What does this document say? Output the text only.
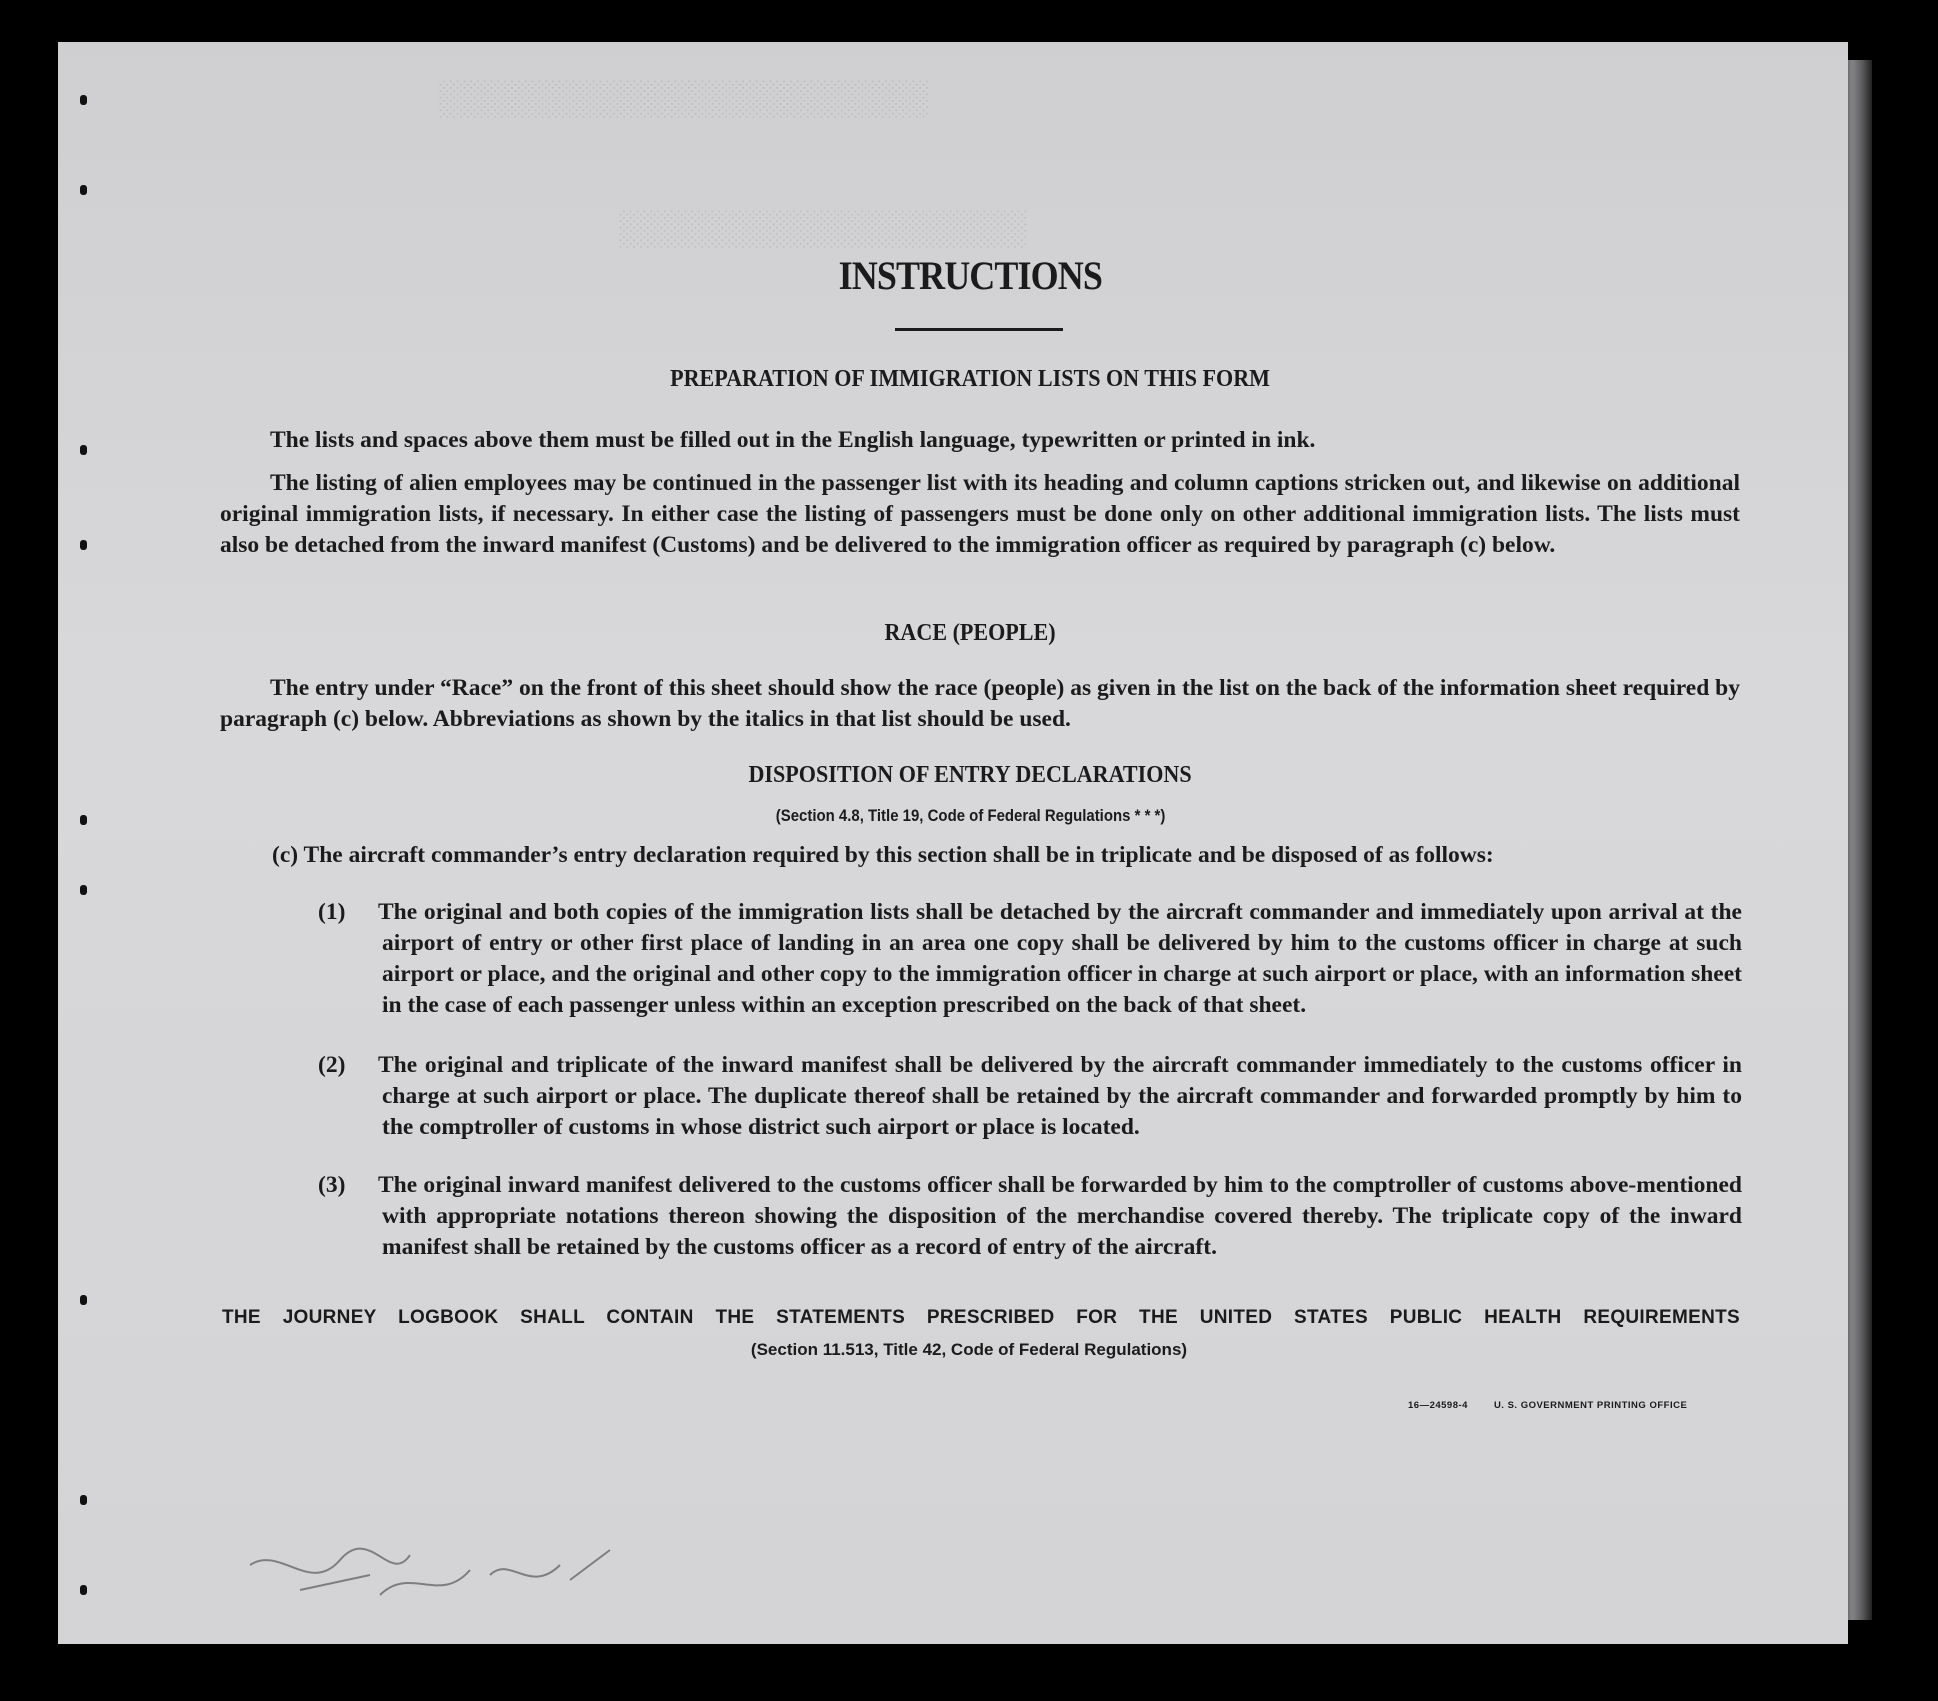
░░░░░░░░░░░░░░░░░░░░░░░░
░░░░░░░░░░░░░░░░░░░░
INSTRUCTIONS
PREPARATION OF IMMIGRATION LISTS ON THIS FORM
The lists and spaces above them must be filled out in the English language, typewritten or printed in ink.
The listing of alien employees may be continued in the passenger list with its heading and column captions stricken out, and likewise on additional original immigration lists, if necessary. In either case the listing of passengers must be done only on other additional immigration lists. The lists must also be detached from the inward manifest (Customs) and be delivered to the immigration officer as required by paragraph (c) below.
RACE (PEOPLE)
The entry under “Race” on the front of this sheet should show the race (people) as given in the list on the back of the information sheet required by paragraph (c) below. Abbreviations as shown by the italics in that list should be used.
DISPOSITION OF ENTRY DECLARATIONS
(Section 4.8, Title 19, Code of Federal Regulations * * *)
(c) The aircraft commander’s entry declaration required by this section shall be in triplicate and be disposed of as follows:
(1) The original and both copies of the immigration lists shall be detached by the aircraft commander and immediately upon arrival at the airport of entry or other first place of landing in an area one copy shall be delivered by him to the customs officer in charge at such airport or place, and the original and other copy to the immigration officer in charge at such airport or place, with an information sheet in the case of each passenger unless within an exception prescribed on the back of that sheet.
(2) The original and triplicate of the inward manifest shall be delivered by the aircraft commander immediately to the customs officer in charge at such airport or place. The duplicate thereof shall be retained by the aircraft commander and forwarded promptly by him to the comptroller of customs in whose district such airport or place is located.
(3) The original inward manifest delivered to the customs officer shall be forwarded by him to the comptroller of customs above-mentioned with appropriate notations thereon showing the disposition of the merchandise covered thereby. The triplicate copy of the inward manifest shall be retained by the customs officer as a record of entry of the aircraft.
THE JOURNEY LOGBOOK SHALL CONTAIN THE STATEMENTS PRESCRIBED FOR THE UNITED STATES PUBLIC HEALTH REQUIREMENTS
(Section 11.513, Title 42, Code of Federal Regulations)
16—24598-4	U. S. GOVERNMENT PRINTING OFFICE
